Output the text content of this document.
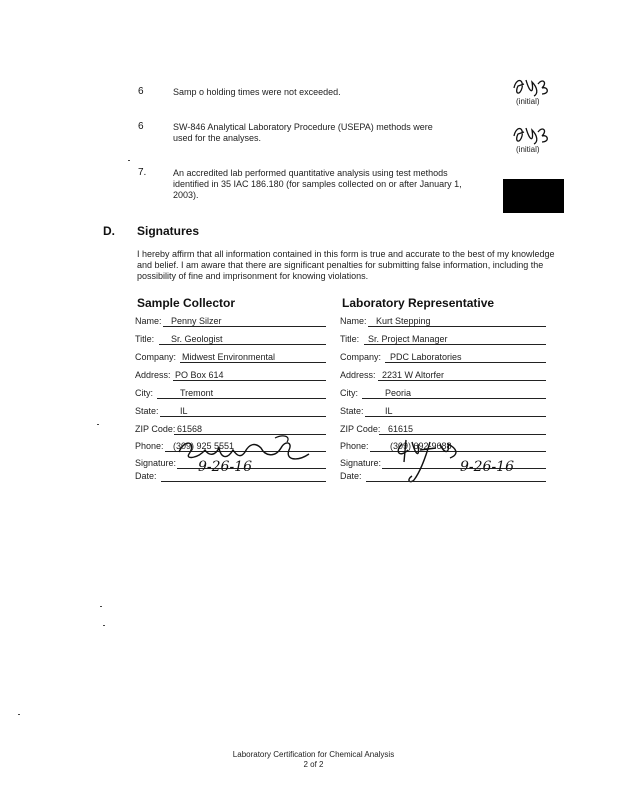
6	Samp o holding times were not exceeded.
(initial)
6	SW-846 Analytical Laboratory Procedure (USEPA) methods were used for the analyses.
(initial)
7.	An accredited lab performed quantitative analysis using test methods identified in 35 IAC 186.180 (for samples collected on or after January 1, 2003).
D. Signatures
I hereby affirm that all information contained in this form is true and accurate to the best of my knowledge and belief. I am aware that there are significant penalties for submitting false information, including the possibility of fine and imprisonment for knowing violations.
Sample Collector	Laboratory Representative
Name: Penny Silzer
Title: Sr. Geologist
Company: Midwest Environmental
Address: PO Box 614
City:	Tremont
State: IL
ZIP Code: 61568
Phone: (309) 925 5551
Signature:
Date:
9-26-16
Name: Kurt Stepping
Title: Sr. Project Manager
Company: PDC Laboratories
Address: 2231 W Altorfer
City:	Peoria
State: IL
ZIP Code: 61615
Phone: (309) 692-9688
Signature:
Date:
9-26-16
Laboratory Certification for Chemical Analysis
2 of 2
